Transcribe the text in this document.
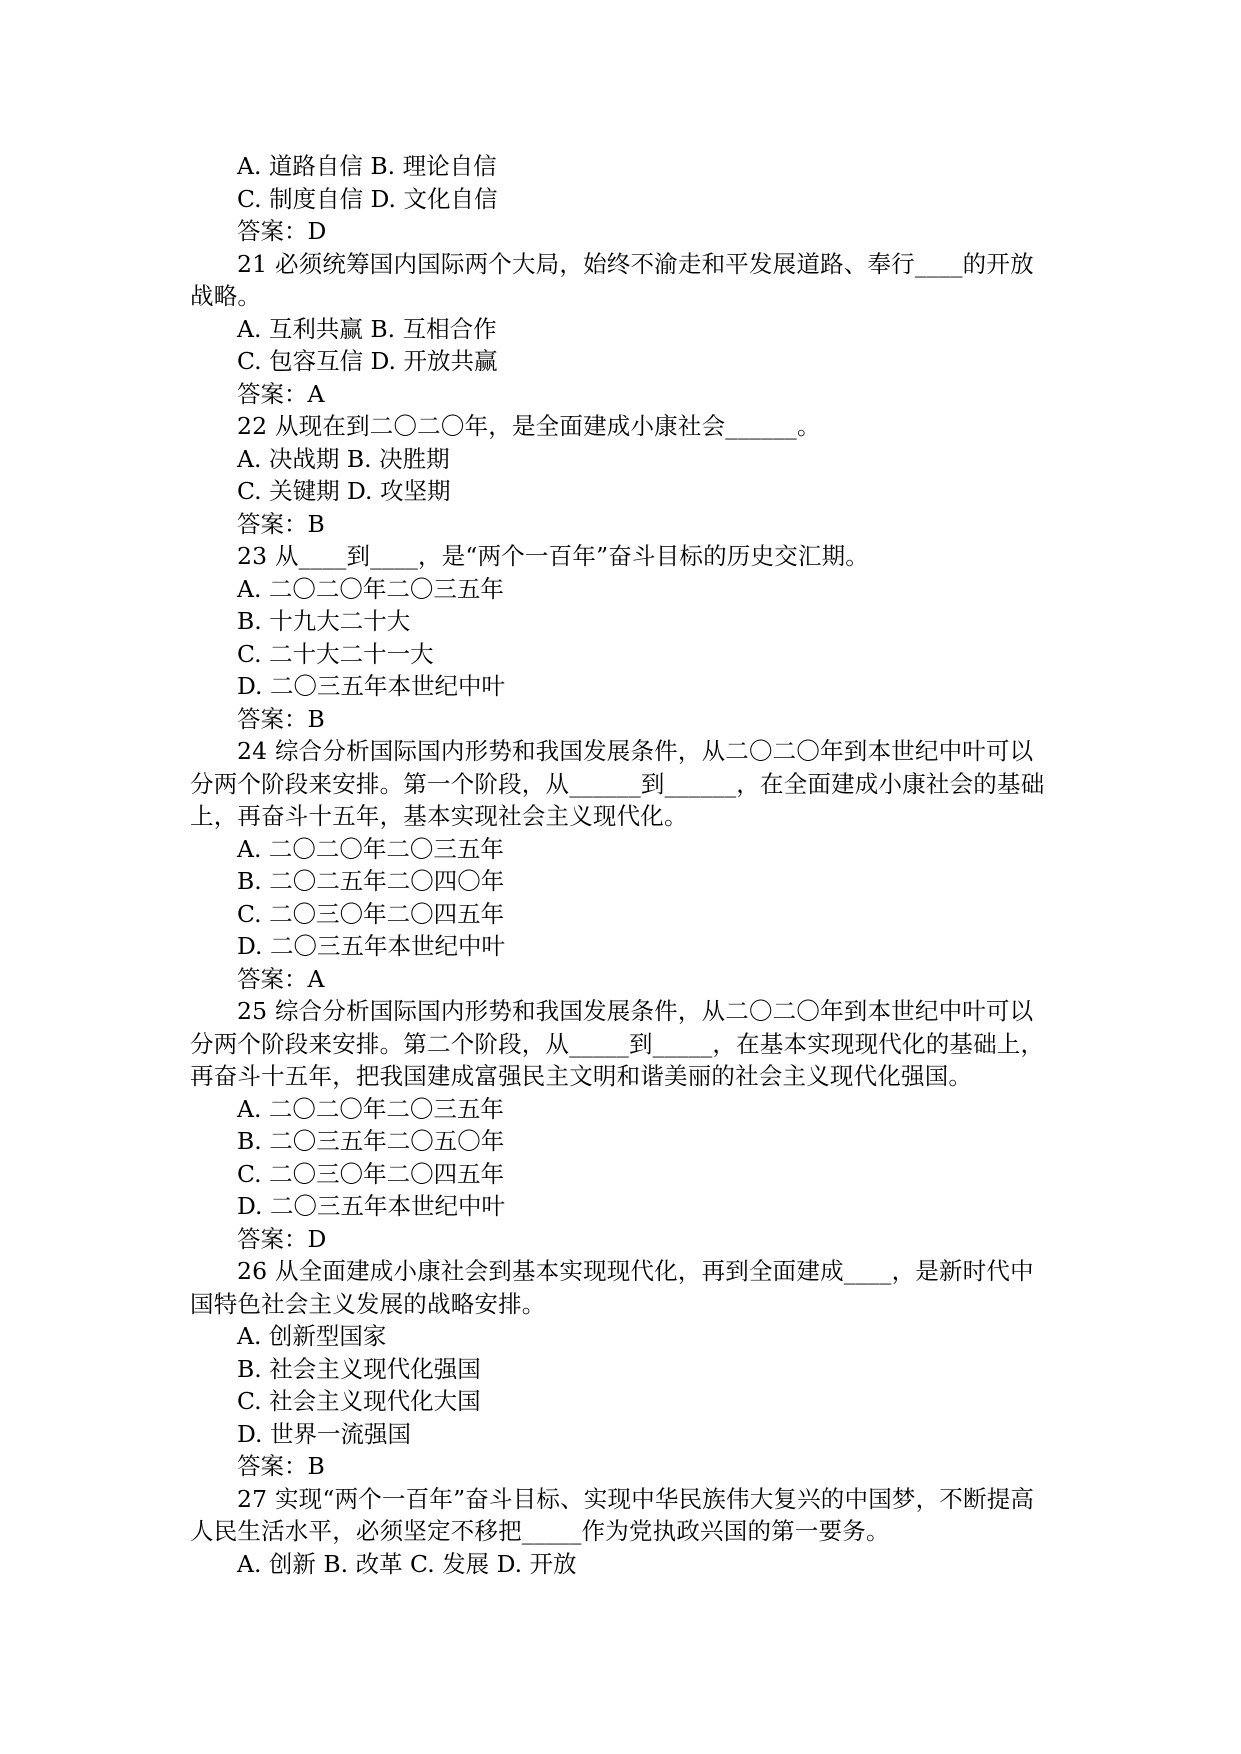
A. 道路自信 B. 理论自信
C. 制度自信 D. 文化自信
答案：D
21 必须统筹国内国际两个大局，始终不渝走和平发展道路、奉行____的开放战略。
A. 互利共赢 B. 互相合作
C. 包容互信 D. 开放共赢
答案：A
22 从现在到二〇二〇年，是全面建成小康社会______。
A. 决战期 B. 决胜期
C. 关键期 D. 攻坚期
答案：B
23 从____到____，是“两个一百年”奋斗目标的历史交汇期。
A. 二〇二〇年二〇三五年
B. 十九大二十大
C. 二十大二十一大
D. 二〇三五年本世纪中叶
答案：B
24 综合分析国际国内形势和我国发展条件，从二〇二〇年到本世纪中叶可以分两个阶段来安排。第一个阶段，从______到______，在全面建成小康社会的基础上，再奋斗十五年，基本实现社会主义现代化。
A. 二〇二〇年二〇三五年
B. 二〇二五年二〇四〇年
C. 二〇三〇年二〇四五年
D. 二〇三五年本世纪中叶
答案：A
25 综合分析国际国内形势和我国发展条件，从二〇二〇年到本世纪中叶可以分两个阶段来安排。第二个阶段，从_____到_____，在基本实现现代化的基础上，再奋斗十五年，把我国建成富强民主文明和谐美丽的社会主义现代化强国。
A. 二〇二〇年二〇三五年
B. 二〇三五年二〇五〇年
C. 二〇三〇年二〇四五年
D. 二〇三五年本世纪中叶
答案：D
26 从全面建成小康社会到基本实现现代化，再到全面建成____，是新时代中国特色社会主义发展的战略安排。
A. 创新型国家
B. 社会主义现代化强国
C. 社会主义现代化大国
D. 世界一流强国
答案：B
27 实现“两个一百年”奋斗目标、实现中华民族伟大复兴的中国梦，不断提高人民生活水平，必须坚定不移把_____作为党执政兴国的第一要务。
A. 创新 B. 改革 C. 发展 D. 开放
